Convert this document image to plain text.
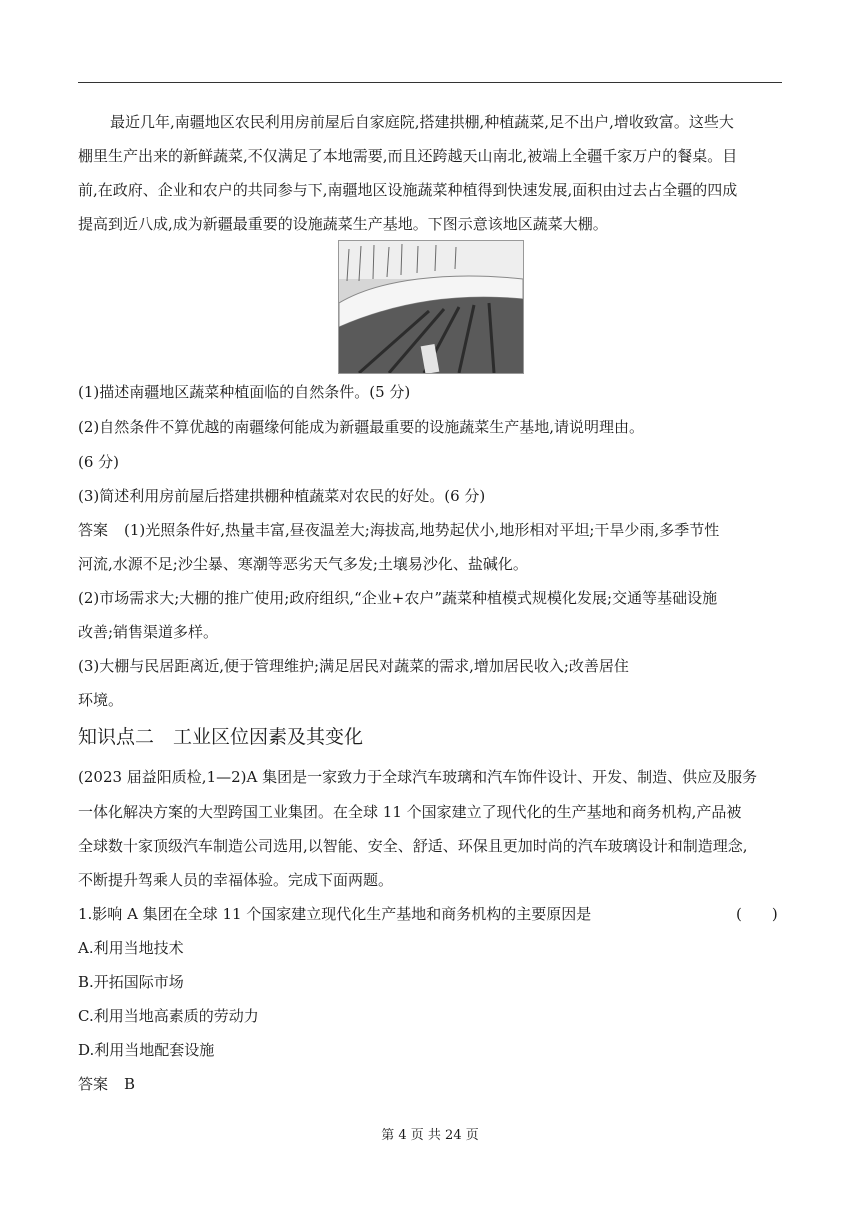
最近几年,南疆地区农民利用房前屋后自家庭院,搭建拱棚,种植蔬菜,足不出户,增收致富。这些大
棚里生产出来的新鲜蔬菜,不仅满足了本地需要,而且还跨越天山南北,被端上全疆千家万户的餐桌。目
前,在政府、企业和农户的共同参与下,南疆地区设施蔬菜种植得到快速发展,面积由过去占全疆的四成
提高到近八成,成为新疆最重要的设施蔬菜生产基地。下图示意该地区蔬菜大棚。
(1)描述南疆地区蔬菜种植面临的自然条件。(5 分)
(2)自然条件不算优越的南疆缘何能成为新疆最重要的设施蔬菜生产基地,请说明理由。
(6 分)
(3)简述利用房前屋后搭建拱棚种植蔬菜对农民的好处。(6 分)
答案 (1)光照条件好,热量丰富,昼夜温差大;海拔高,地势起伏小,地形相对平坦;干旱少雨,多季节性
河流,水源不足;沙尘暴、寒潮等恶劣天气多发;土壤易沙化、盐碱化。
(2)市场需求大;大棚的推广使用;政府组织,“企业+农户”蔬菜种植模式规模化发展;交通等基础设施
改善;销售渠道多样。
(3)大棚与民居距离近,便于管理维护;满足居民对蔬菜的需求,增加居民收入;改善居住
环境。
知识点二　工业区位因素及其变化
(2023 届益阳质检,1—2)A 集团是一家致力于全球汽车玻璃和汽车饰件设计、开发、制造、供应及服务
一体化解决方案的大型跨国工业集团。在全球 11 个国家建立了现代化的生产基地和商务机构,产品被
全球数十家顶级汽车制造公司选用,以智能、安全、舒适、环保且更加时尚的汽车玻璃设计和制造理念,
不断提升驾乘人员的幸福体验。完成下面两题。
1.影响 A 集团在全球 11 个国家建立现代化生产基地和商务机构的主要原因是	(　　)
A.利用当地技术
B.开拓国际市场
C.利用当地高素质的劳动力
D.利用当地配套设施
答案 B
第 4 页 共 24 页
